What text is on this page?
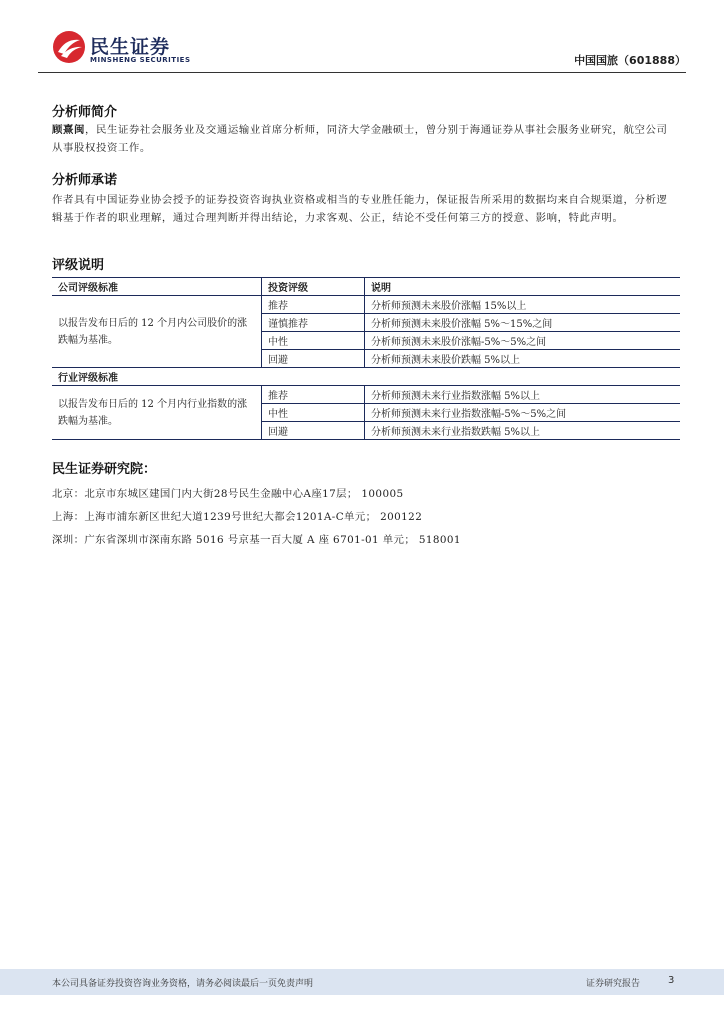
民生证券
MINSHENG SECURITIES	中国国旅（601888）
分析师简介
顾熹闽，民生证券社会服务业及交通运输业首席分析师，同济大学金融硕士，曾分别于海通证券从事社会服务业研究，航空公司从事股权投资工作。
分析师承诺
作者具有中国证券业协会授予的证券投资咨询执业资格或相当的专业胜任能力，保证报告所采用的数据均来自合规渠道，分析逻辑基于作者的职业理解，通过合理判断并得出结论，力求客观、公正，结论不受任何第三方的授意、影响，特此声明。
评级说明
公司评级标准	投资评级	说明
以报告发布日后的 12 个月内公司股价的涨跌幅为基准。	推荐	分析师预测未来股价涨幅 15%以上
	谨慎推荐	分析师预测未来股价涨幅 5%～15%之间
	中性	分析师预测未来股价涨幅-5%～5%之间
	回避	分析师预测未来股价跌幅 5%以上
行业评级标准		
以报告发布日后的 12 个月内行业指数的涨跌幅为基准。	推荐	分析师预测未来行业指数涨幅 5%以上
	中性	分析师预测未来行业指数涨幅-5%～5%之间
	回避	分析师预测未来行业指数跌幅 5%以上
民生证券研究院：
北京：北京市东城区建国门内大街28号民生金融中心A座17层； 100005
上海：上海市浦东新区世纪大道1239号世纪大都会1201A-C单元； 200122
深圳：广东省深圳市深南东路 5016 号京基一百大厦 A 座 6701-01 单元； 518001
本公司具备证券投资咨询业务资格，请务必阅读最后一页免责声明	证券研究报告	3
